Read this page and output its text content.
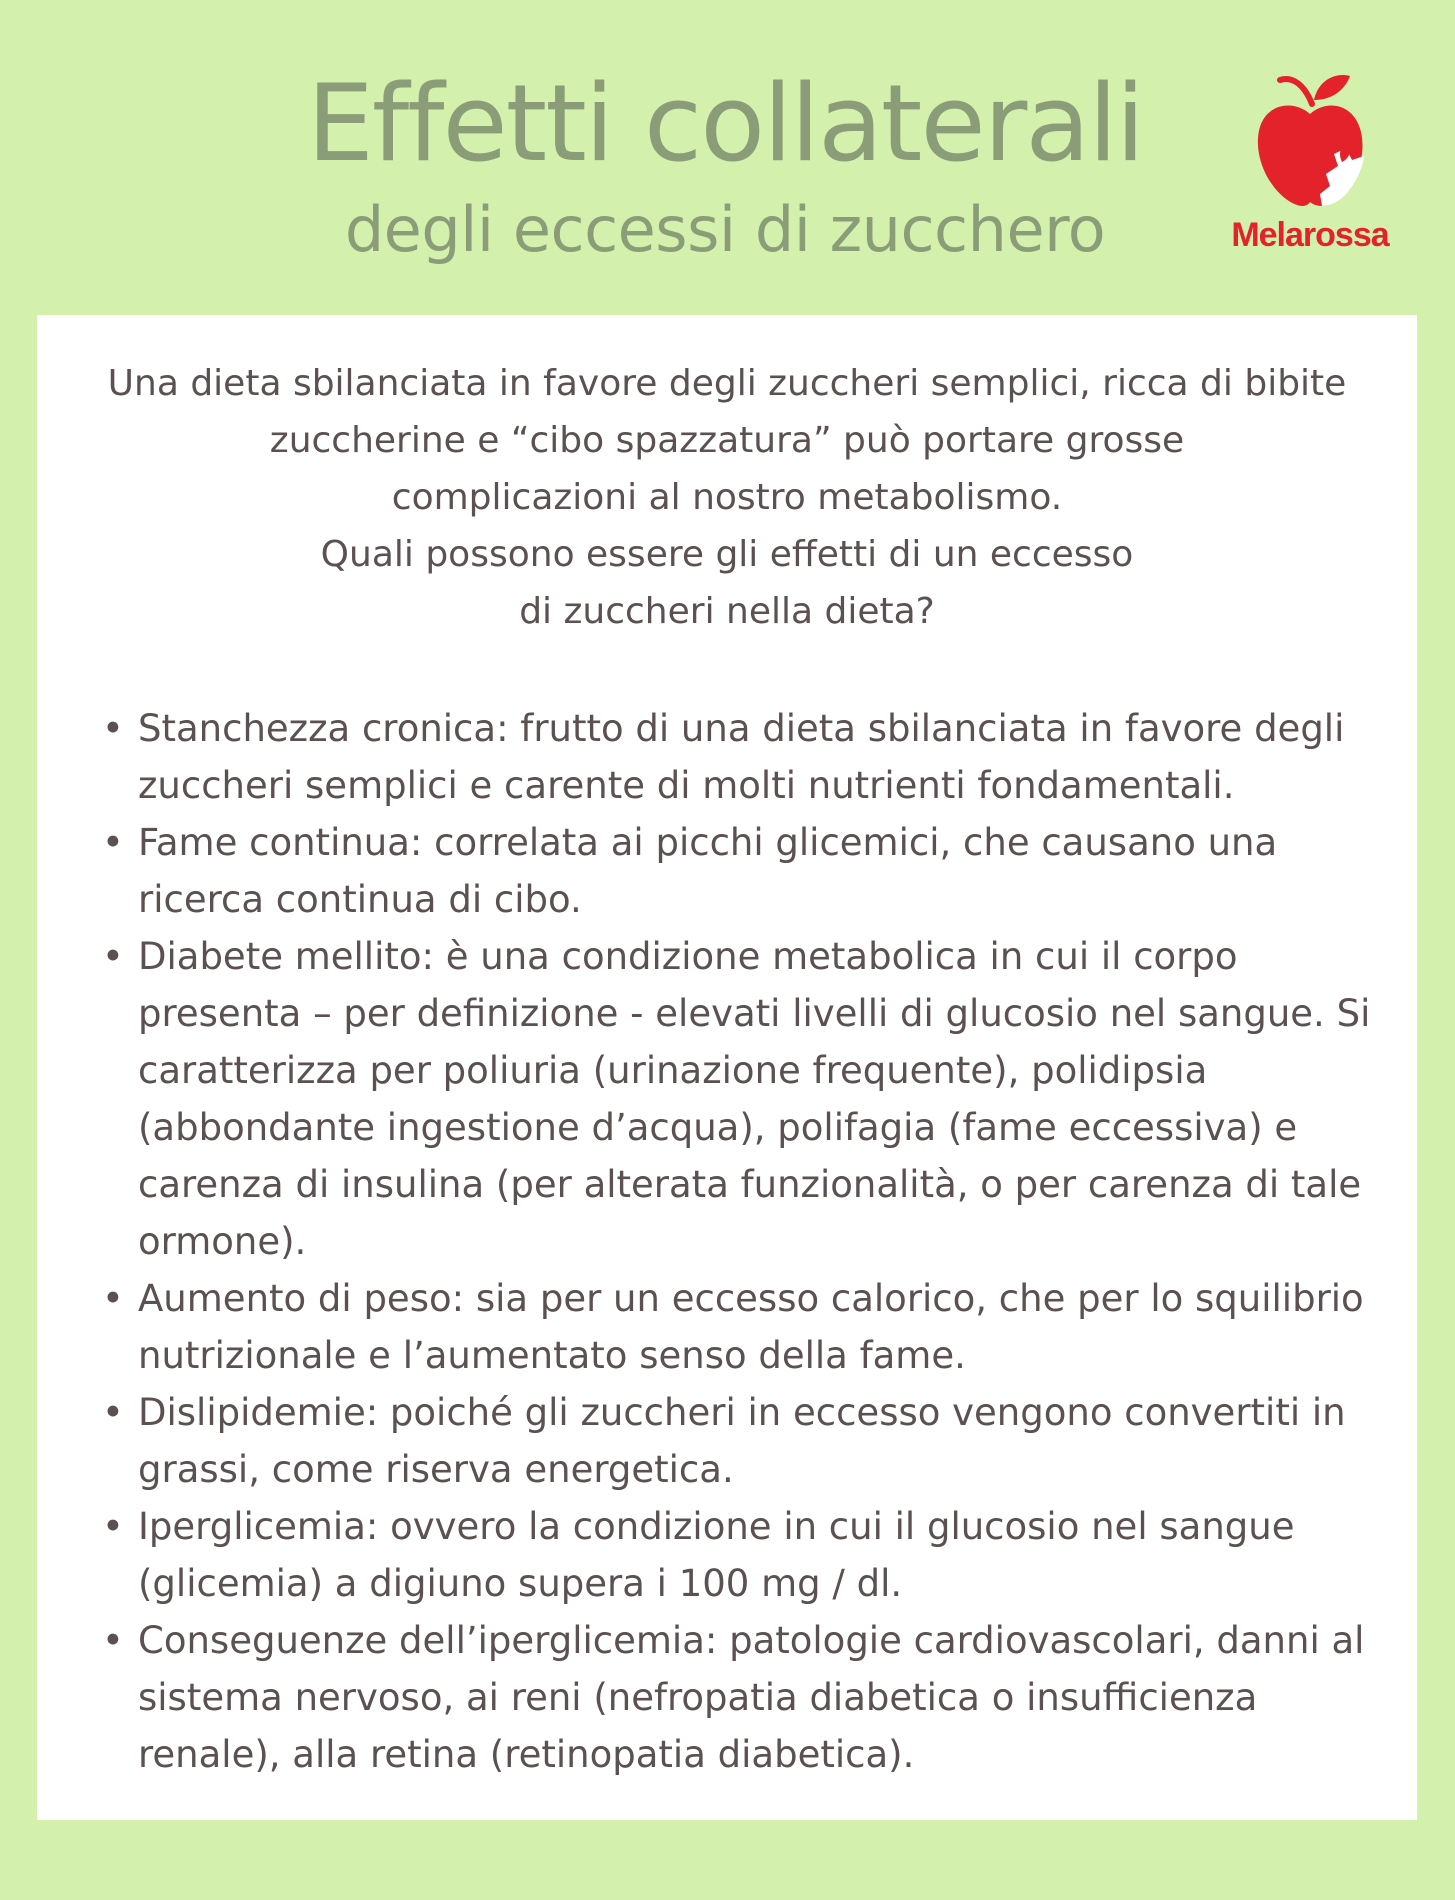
Effetti collaterali
degli eccessi di zucchero	Melarossa

Una dieta sbilanciata in favore degli zuccheri semplici, ricca di bibite

zuccherine e “cibo spazzatura” può portare grosse

complicazioni al nostro metabolismo.

Quali possono essere gli effetti di un eccesso

di zuccheri nella dieta?

• Stanchezza cronica: frutto di una dieta sbilanciata in favore degli zuccheri semplici e carente di molti nutrienti fondamentali.
• Fame continua: correlata ai picchi glicemici, che causano una ricerca continua di cibo.
• Diabete mellito: è una condizione metabolica in cui il corpo presenta – per definizione - elevati livelli di glucosio nel sangue. Si caratterizza per poliuria (urinazione frequente), polidipsia (abbondante ingestione d’acqua), polifagia (fame eccessiva) e carenza di insulina (per alterata funzionalità, o per carenza di tale ormone).
• Aumento di peso: sia per un eccesso calorico, che per lo squilibrio nutrizionale e l’aumentato senso della fame.
• Dislipidemie: poiché gli zuccheri in eccesso vengono convertiti in grassi, come riserva energetica.
• Iperglicemia: ovvero la condizione in cui il glucosio nel sangue (glicemia) a digiuno supera i 100 mg / dl.
• Conseguenze dell’iperglicemia: patologie cardiovascolari, danni al sistema nervoso, ai reni (nefropatia diabetica o insufficienza renale), alla retina (retinopatia diabetica).
